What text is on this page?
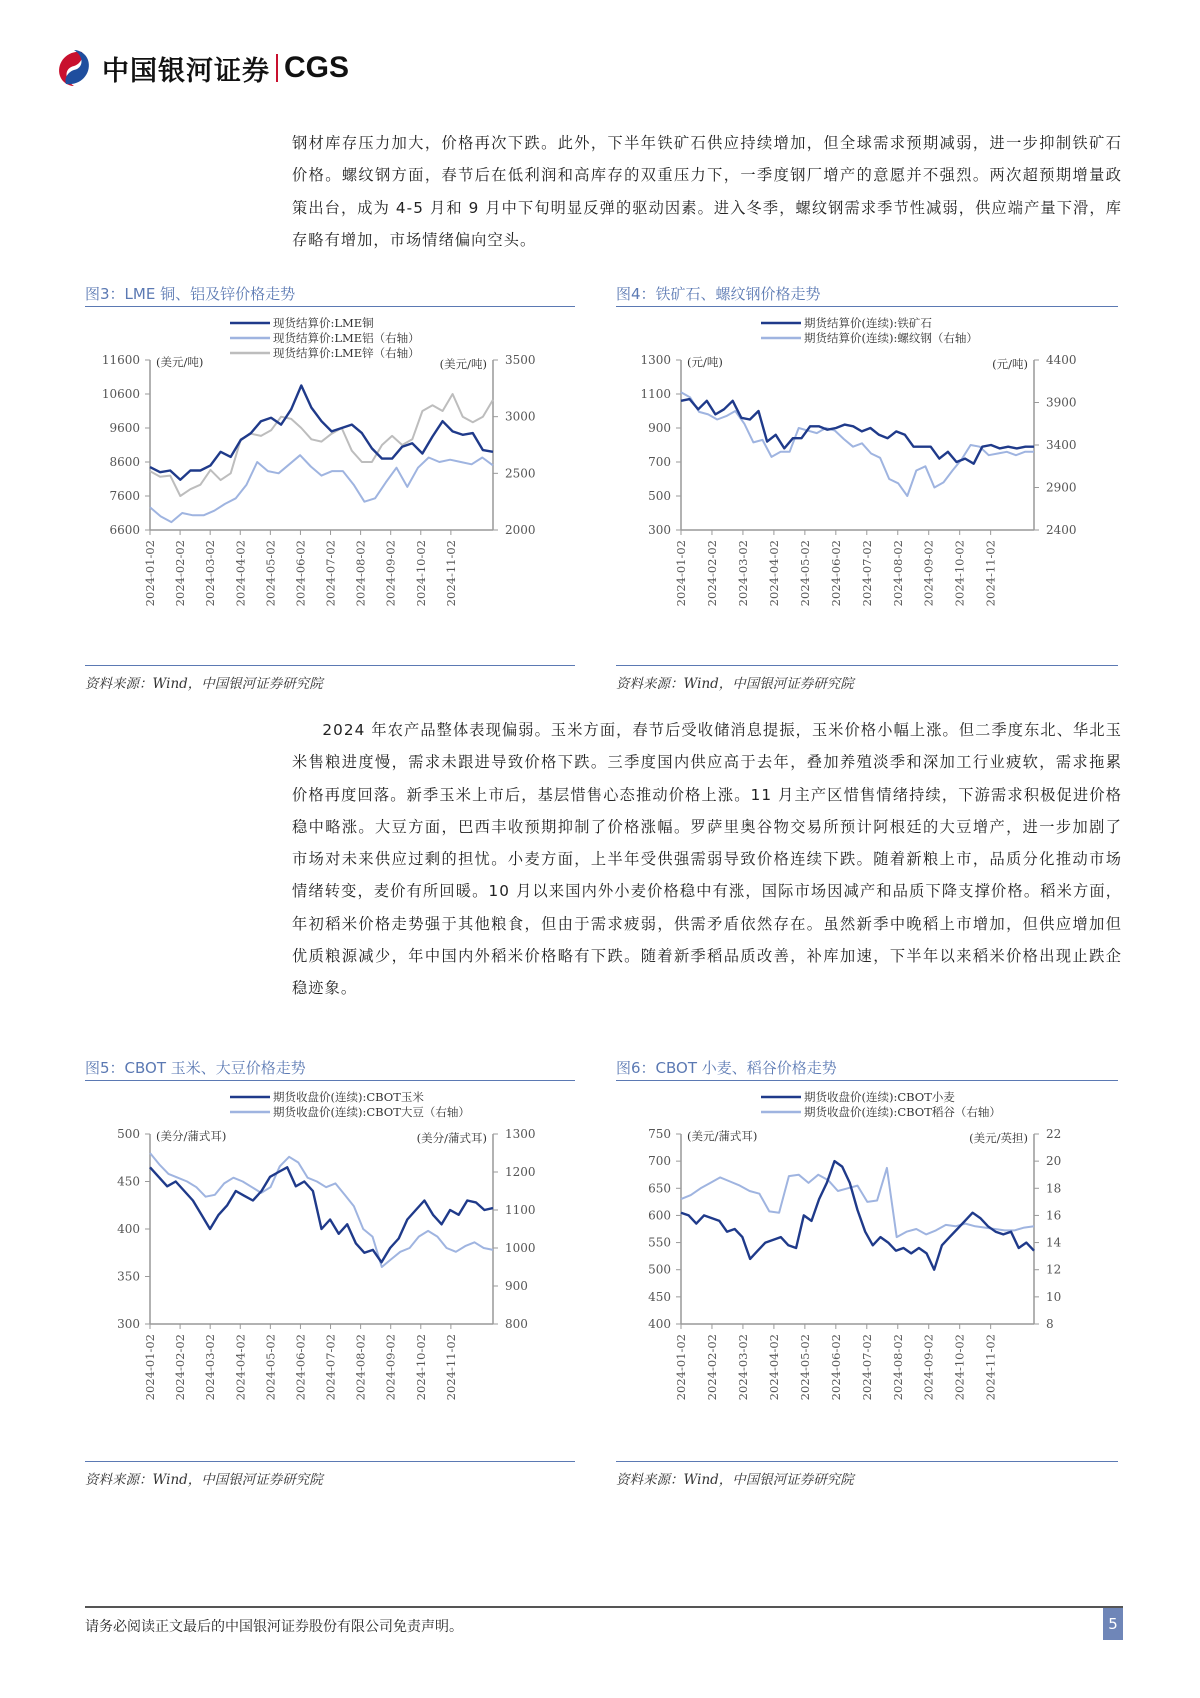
中国银河证券 CGS

钢材库存压力加大，价格再次下跌。此外，下半年铁矿石供应持续增加，但全球需求预期减弱，进一步抑制铁矿石价格。螺纹钢方面，春节后在低利润和高库存的双重压力下，一季度钢厂增产的意愿并不强烈。两次超预期增量政策出台，成为 4-5 月和 9 月中下旬明显反弹的驱动因素。进入冬季，螺纹钢需求季节性减弱，供应端产量下滑，库存略有增加，市场情绪偏向空头。

图3：LME 铜、铝及锌价格走势
现货结算价:LME铜
现货结算价:LME铝（右轴）
现货结算价:LME锌（右轴）
6600
7600
8600
9600
10600
11600
2000
2500
3000
3500
(美元/吨)	(美元/吨)
2024-01-02 2024-02-02 2024-03-02 2024-04-02 2024-05-02 2024-06-02 2024-07-02 2024-08-02 2024-09-02 2024-10-02 2024-11-02
资料来源：Wind，中国银河证券研究院
图4：铁矿石、螺纹钢价格走势
期货结算价(连续):铁矿石
期货结算价(连续):螺纹钢（右轴）
300
500
700
900
1100
1300
2400
2900
3400
3900
4400
(元/吨)	(元/吨)
2024-01-02 2024-02-02 2024-03-02 2024-04-02 2024-05-02 2024-06-02 2024-07-02 2024-08-02 2024-09-02 2024-10-02 2024-11-02
资料来源：Wind，中国银河证券研究院

2024 年农产品整体表现偏弱。玉米方面，春节后受收储消息提振，玉米价格小幅上涨。但二季度东北、华北玉米售粮进度慢，需求未跟进导致价格下跌。三季度国内供应高于去年，叠加养殖淡季和深加工行业疲软，需求拖累价格再度回落。新季玉米上市后，基层惜售心态推动价格上涨。11 月主产区惜售情绪持续，下游需求积极促进价格稳中略涨。大豆方面，巴西丰收预期抑制了价格涨幅。罗萨里奥谷物交易所预计阿根廷的大豆增产，进一步加剧了市场对未来供应过剩的担忧。小麦方面，上半年受供强需弱导致价格连续下跌。随着新粮上市，品质分化推动市场情绪转变，麦价有所回暖。10 月以来国内外小麦价格稳中有涨，国际市场因减产和品质下降支撑价格。稻米方面，年初稻米价格走势强于其他粮食，但由于需求疲弱，供需矛盾依然存在。虽然新季中晚稻上市增加，但供应增加但优质粮源减少，年中国内外稻米价格略有下跌。随着新季稻品质改善，补库加速，下半年以来稻米价格出现止跌企稳迹象。

图5：CBOT 玉米、大豆价格走势
期货收盘价(连续):CBOT玉米
期货收盘价(连续):CBOT大豆（右轴）
300
350
400
450
500
800
900
1000
1100
1200
1300
(美分/蒲式耳)	(美分/蒲式耳)
2024-01-02 2024-02-02 2024-03-02 2024-04-02 2024-05-02 2024-06-02 2024-07-02 2024-08-02 2024-09-02 2024-10-02 2024-11-02
资料来源：Wind，中国银河证券研究院
图6：CBOT 小麦、稻谷价格走势
期货收盘价(连续):CBOT小麦
期货收盘价(连续):CBOT稻谷（右轴）
400
450
500
550
600
650
700
750
8
10
12
14
16
18
20
22
(美元/蒲式耳)	(美元/英担)
2024-01-02 2024-02-02 2024-03-02 2024-04-02 2024-05-02 2024-06-02 2024-07-02 2024-08-02 2024-09-02 2024-10-02 2024-11-02
资料来源：Wind，中国银河证券研究院
请务必阅读正文最后的中国银河证券股份有限公司免责声明。	5
